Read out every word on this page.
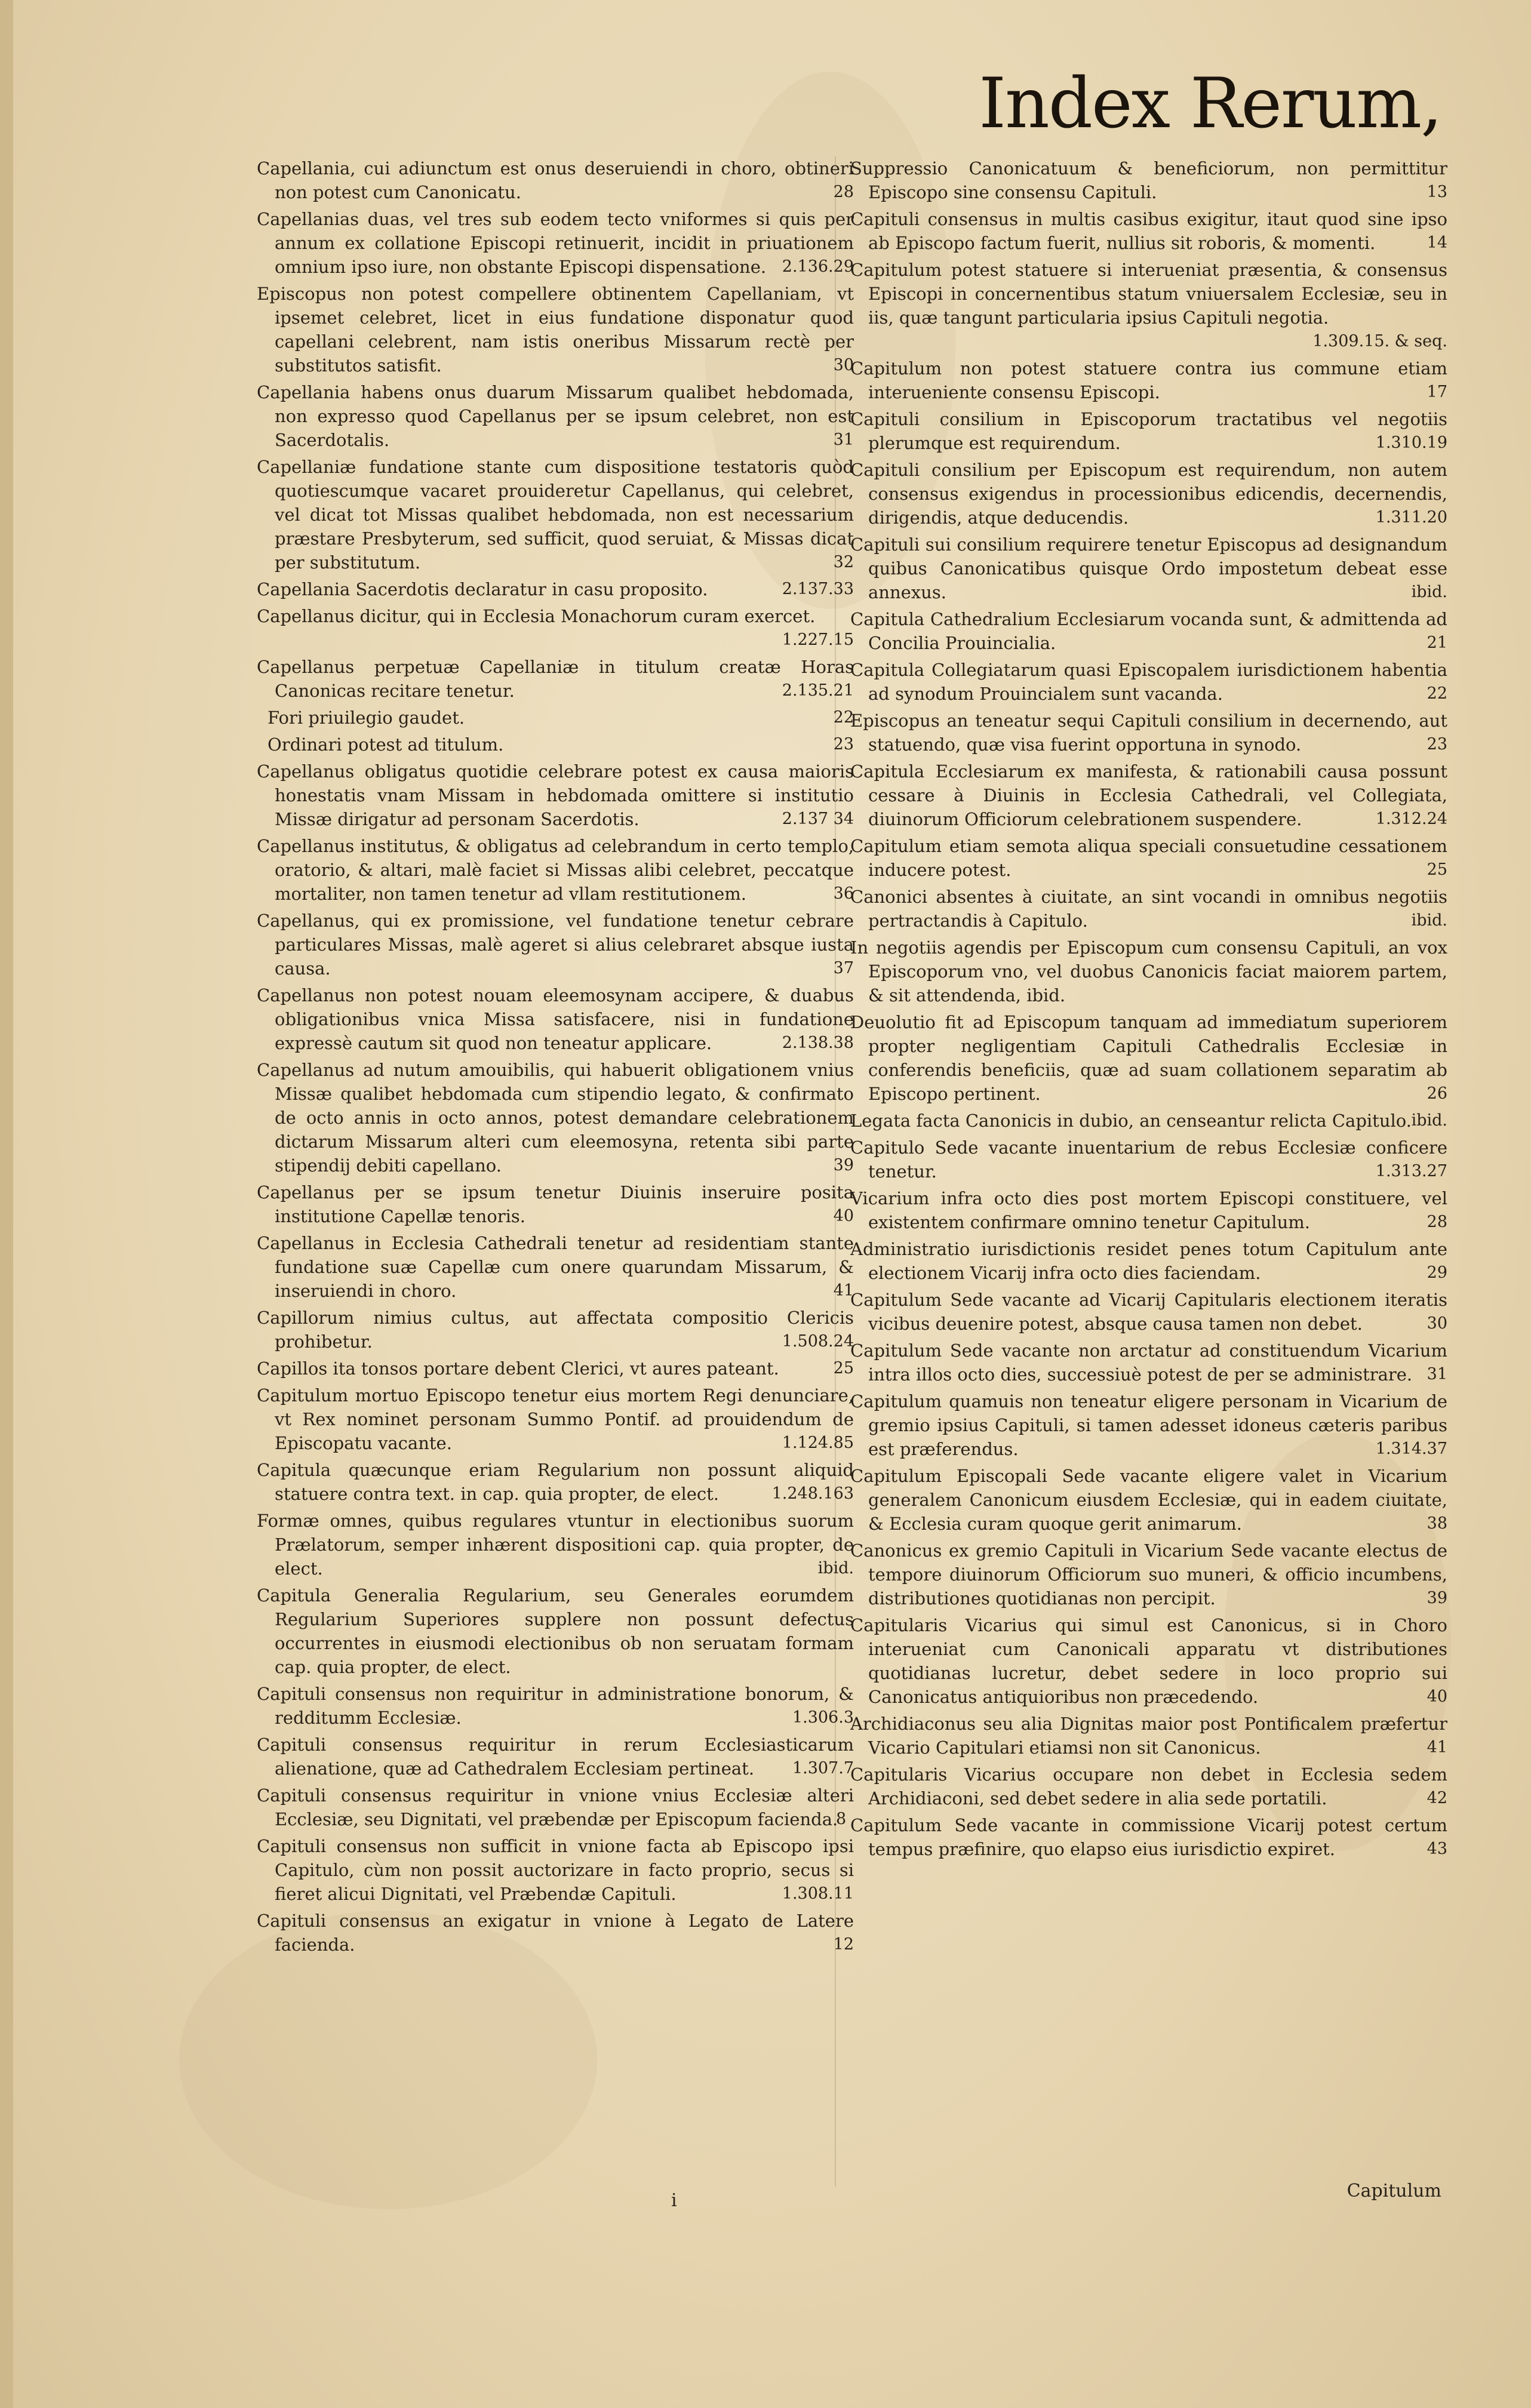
Index Rerum,

Capellania, cui adiunctum est onus deseruiendi in choro, obtineri non potest cum Canonicatu.	28

Capellanias duas, vel tres sub eodem tecto vniformes si quis per annum ex collatione Episcopi retinuerit, incidit in priuationem omnium ipso iure, non obstante Episcopi dispensatione. 2.136.29

Episcopus non potest compellere obtinentem Capellaniam, vt ipsemet celebret, licet in eius fundatione disponatur quod capellani celebrent, nam istis oneribus Missarum rectè per substitutos satisfit.	30

Capellania habens onus duarum Missarum qualibet hebdomada, non expresso quod Capellanus per se ipsum celebret, non est Sacerdotalis.	31

Capellaniæ fundatione stante cum dispositione testatoris quòd quotiescumque vacaret prouideretur Capellanus, qui celebret, vel dicat tot Missas qualibet hebdomada, non est necessarium præstare Presbyterum, sed sufficit, quod seruiat, & Missas dicat per substitutum.	32

Capellania Sacerdotis declaratur in casu proposito.	2.137.33

Capellanus dicitur, qui in Ecclesia Monachorum curam exercet.
1.227.15

Capellanus perpetuæ Capellaniæ in titulum creatæ Horas Canonicas recitare tenetur.	2.135.21

Fori priuilegio gaudet.	22

Ordinari potest ad titulum.	23

Capellanus obligatus quotidie celebrare potest ex causa maioris honestatis vnam Missam in hebdomada omittere si institutio Missæ dirigatur ad personam Sacerdotis.	2.137 34

Capellanus institutus, & obligatus ad celebrandum in certo templo, oratorio, & altari, malè faciet si Missas alibi celebret, peccatque mortaliter, non tamen tenetur ad vllam restitutionem.	36

Capellanus, qui ex promissione, vel fundatione tenetur cebrare particulares Missas, malè ageret si alius celebraret absque iusta causa.	37

Capellanus non potest nouam eleemosynam accipere, & duabus obligationibus vnica Missa satisfacere, nisi in fundatione expressè cautum sit quod non teneatur applicare.	2.138.38

Capellanus ad nutum amouibilis, qui habuerit obligationem vnius Missæ qualibet hebdomada cum stipendio legato, & confirmato de octo annis in octo annos, potest demandare celebrationem dictarum Missarum alteri cum eleemosyna, retenta sibi parte stipendij debiti capellano.	39

Capellanus per se ipsum tenetur Diuinis inseruire posita institutione Capellæ tenoris.	40

Capellanus in Ecclesia Cathedrali tenetur ad residentiam stante fundatione suæ Capellæ cum onere quarundam Missarum, & inseruiendi in choro.	41

Capillorum nimius cultus, aut affectata compositio Clericis prohibetur.	1.508.24

Capillos ita tonsos portare debent Clerici, vt aures pateant.	25

Capitulum mortuo Episcopo tenetur eius mortem Regi denunciare, vt Rex nominet personam Summo Pontif. ad prouidendum de Episcopatu vacante.	1.124.85

Capitula quæcunque eriam Regularium non possunt aliquid statuere contra text. in cap. quia propter, de elect.	1.248.163

Formæ omnes, quibus regulares vtuntur in electionibus suorum Prælatorum, semper inhærent dispositioni cap. quia propter, de elect.	ibid.

Capitula Generalia Regularium, seu Generales eorumdem Regularium Superiores supplere non possunt defectus occurrentes in eiusmodi electionibus ob non seruatam formam cap. quia propter, de elect.

Capituli consensus non requiritur in administratione bonorum, & redditumm Ecclesiæ.	1.306.3

Capituli consensus requiritur in rerum Ecclesiasticarum alienatione, quæ ad Cathedralem Ecclesiam pertineat. 1.307.7

Capituli consensus requiritur in vnione vnius Ecclesiæ alteri Ecclesiæ, seu Dignitati, vel præbendæ per Episcopum facienda.
8

Capituli consensus non sufficit in vnione facta ab Episcopo ipsi Capitulo, cùm non possit auctorizare in facto proprio, secus si fieret alicui Dignitati, vel Præbendæ Capituli.	1.308.11

Capituli consensus an exigatur in vnione à Legato de Latere facienda.	12

Suppressio Canonicatuum & beneficiorum, non permittitur Episcopo sine consensu Capituli.	13

Capituli consensus in multis casibus exigitur, itaut quod sine ipso ab Episcopo factum fuerit, nullius sit roboris, & momenti.	14

Capitulum potest statuere si interueniat præsentia, & consensus Episcopi in concernentibus statum vniuersalem Ecclesiæ, seu in iis, quæ tangunt particularia ipsius Capituli negotia.
1.309.15. & seq.

Capitulum non potest statuere contra ius commune etiam interueniente consensu Episcopi.	17

Capituli consilium in Episcoporum tractatibus vel negotiis plerumque est requirendum.	1.310.19

Capituli consilium per Episcopum est requirendum, non autem consensus exigendus in processionibus edicendis, decernendis, dirigendis, atque deducendis.	1.311.20

Capituli sui consilium requirere tenetur Episcopus ad designandum quibus Canonicatibus quisque Ordo impostetum debeat esse annexus.	ibid.

Capitula Cathedralium Ecclesiarum vocanda sunt, & admittenda ad Concilia Prouincialia.	21

Capitula Collegiatarum quasi Episcopalem iurisdictionem habentia ad synodum Prouincialem sunt vacanda.	22

Episcopus an teneatur sequi Capituli consilium in decernendo, aut statuendo, quæ visa fuerint opportuna in synodo.	23

Capitula Ecclesiarum ex manifesta, & rationabili causa possunt cessare à Diuinis in Ecclesia Cathedrali, vel Collegiata, diuinorum Officiorum celebrationem suspendere.	1.312.24

Capitulum etiam semota aliqua speciali consuetudine cessationem inducere potest.	25

Canonici absentes à ciuitate, an sint vocandi in omnibus negotiis pertractandis à Capitulo.	ibid.

In negotiis agendis per Episcopum cum consensu Capituli, an vox Episcoporum vno, vel duobus Canonicis faciat maiorem partem, & sit attendenda, ibid.

Deuolutio fit ad Episcopum tanquam ad immediatum superiorem propter negligentiam Capituli Cathedralis Ecclesiæ in conferendis beneficiis, quæ ad suam collationem separatim ab Episcopo pertinent.	26

Legata facta Canonicis in dubio, an censeantur relicta Capitulo. ibid.

Capitulo Sede vacante inuentarium de rebus Ecclesiæ conficere tenetur.	1.313.27

Vicarium infra octo dies post mortem Episcopi constituere, vel existentem confirmare omnino tenetur Capitulum.	28

Administratio iurisdictionis residet penes totum Capitulum ante electionem Vicarij infra octo dies faciendam.	29

Capitulum Sede vacante ad Vicarij Capitularis electionem iteratis vicibus deuenire potest, absque causa tamen non debet.	30

Capitulum Sede vacante non arctatur ad constituendum Vicarium intra illos octo dies, successiuè potest de per se administrare. 31

Capitulum quamuis non teneatur eligere personam in Vicarium de gremio ipsius Capituli, si tamen adesset idoneus cæteris paribus est præferendus.	1.314.37

Capitulum Episcopali Sede vacante eligere valet in Vicarium generalem Canonicum eiusdem Ecclesiæ, qui in eadem ciuitate, & Ecclesia curam quoque gerit animarum.	38

Canonicus ex gremio Capituli in Vicarium Sede vacante electus de tempore diuinorum Officiorum suo muneri, & officio incumbens, distributiones quotidianas non percipit.	39

Capitularis Vicarius qui simul est Canonicus, si in Choro interueniat cum Canonicali apparatu vt distributiones quotidianas lucretur, debet sedere in loco proprio sui Canonicatus antiquioribus non præcedendo.	40

Archidiaconus seu alia Dignitas maior post Pontificalem præfertur Vicario Capitulari etiamsi non sit Canonicus.	41

Capitularis Vicarius occupare non debet in Ecclesia sedem Archidiaconi, sed debet sedere in alia sede portatili.	42

Capitulum Sede vacante in commissione Vicarij potest certum tempus præfinire, quo elapso eius iurisdictio expiret.	43

i	Capitulum
